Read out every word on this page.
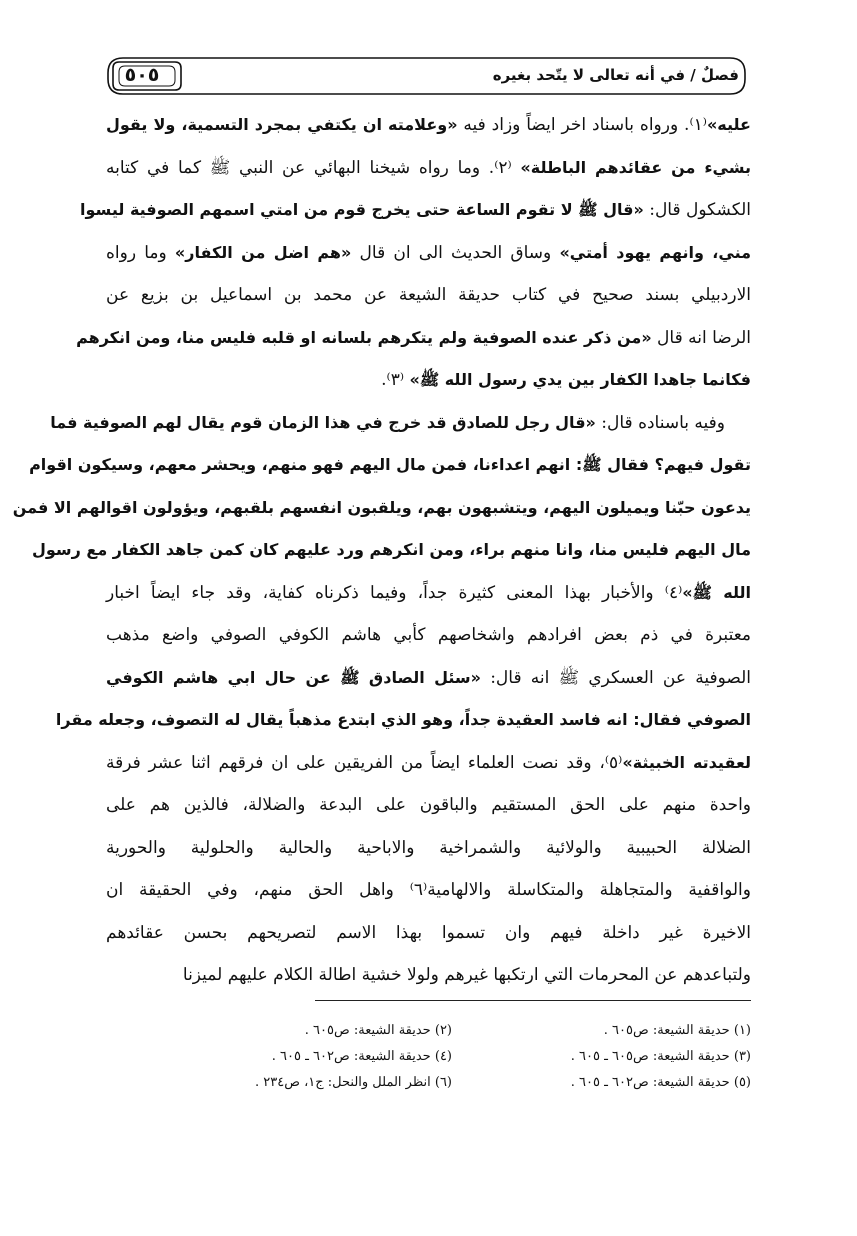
٥٠٥	فصلٌ / في أنه تعالى لا يتّحد بغيره
عليه»⁽١⁾. ورواه باسناد اخر ايضاً وزاد فيه «وعلامته ان يكتفي بمجرد التسمية، ولا يقول
بشيء من عقائدهم الباطلة» ⁽٢⁾. وما رواه شيخنا البهائي عن النبي ﷺ كما في كتابه
الكشكول قال: «قال ﷺ لا تقوم الساعة حتى يخرج قوم من امتي اسمهم الصوفية ليسوا
مني، وانهم يهود أمتي» وساق الحديث الى ان قال «هم اضل من الكفار» وما رواه
الاردبيلي بسند صحيح في كتاب حديقة الشيعة عن محمد بن اسماعيل بن بزيع عن
الرضا انه قال «من ذكر عنده الصوفية ولم يتكرهم بلسانه او قلبه فليس منا، ومن انكرهم
فكانما جاهدا الكفار بين يدي رسول الله ﷺ» ⁽٣⁾.
وفيه باسناده قال: «قال رجل للصادق قد خرج في هذا الزمان قوم يقال لهم الصوفية فما
تقول فيهم؟ فقال ﷺ: انهم اعداءنا، فمن مال اليهم فهو منهم، ويحشر معهم، وسيكون اقوام
يدعون حبّنا ويميلون اليهم، ويتشبهون بهم، ويلقبون انفسهم بلقبهم، ويؤولون اقوالهم الا فمن
مال اليهم فليس منا، وانا منهم براء، ومن انكرهم ورد عليهم كان كمن جاهد الكفار مع رسول
الله ﷺ»⁽٤⁾ والأخبار بهذا المعنى كثيرة جداً، وفيما ذكرناه كفاية، وقد جاء ايضاً اخبار
معتبرة في ذم بعض افرادهم واشخاصهم كأبي هاشم الكوفي الصوفي واضع مذهب
الصوفية عن العسكري ﷺ انه قال: «سئل الصادق ﷺ عن حال ابي هاشم الكوفي
الصوفي فقال: انه فاسد العقيدة جداً، وهو الذي ابتدع مذهباً يقال له التصوف، وجعله مقرا
لعقيدته الخبيثة»⁽٥⁾، وقد نصت العلماء ايضاً من الفريقين على ان فرقهم اثنا عشر فرقة
واحدة منهم على الحق المستقيم والباقون على البدعة والضلالة، فالذين هم على
الضلالة الحبيبية والولائية والشمراخية والاباحية والحالية والحلولية والحورية
والواقفية والمتجاهلة والمتكاسلة والالهامية⁽٦⁾ واهل الحق منهم، وفي الحقيقة ان
الاخيرة غير داخلة فيهم وان تسموا بهذا الاسم لتصريحهم بحسن عقائدهم
ولتباعدهم عن المحرمات التي ارتكبها غيرهم ولولا خشية اطالة الكلام عليهم لميزنا
(١) حديقة الشيعة: ص٦٠٥ .
(٣) حديقة الشيعة: ص٦٠٥ ـ ٦٠٥ .
(٥) حديقة الشيعة: ص٦٠٢ ـ ٦٠٥ .
(٢) حديقة الشيعة: ص٦٠٥ .
(٤) حديقة الشيعة: ص٦٠٢ ـ ٦٠٥ .
(٦) انظر الملل والنحل: ج١، ص٢٣٤ .
